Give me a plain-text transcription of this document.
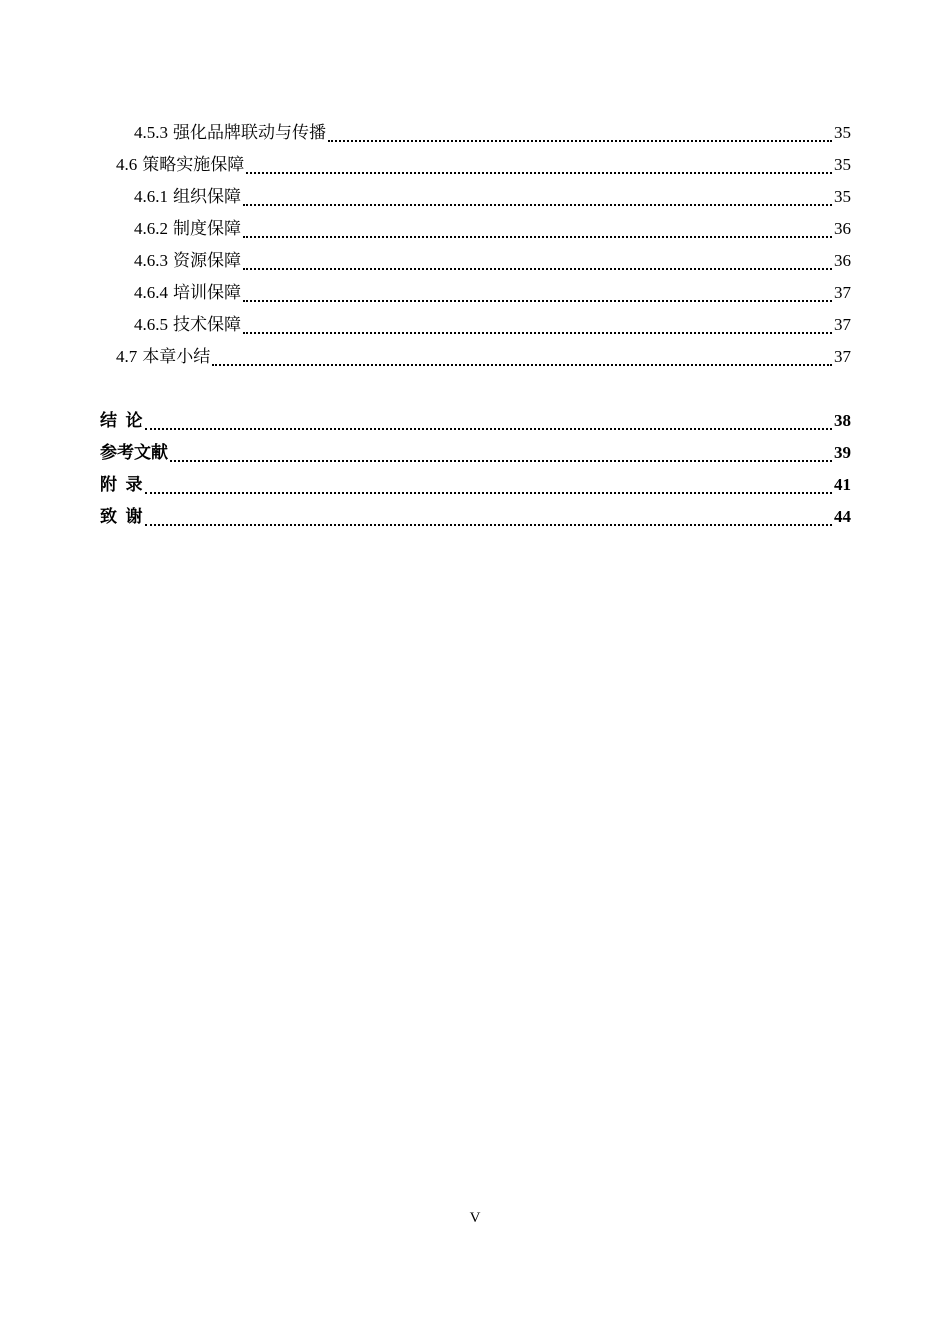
4.5.3 强化品牌联动与传播	35
4.6 策略实施保障	35
4.6.1 组织保障	35
4.6.2 制度保障	36
4.6.3 资源保障	36
4.6.4 培训保障	37
4.6.5 技术保障	37
4.7 本章小结	37
结  论	38
参考文献	39
附  录	41
致  谢	44
V
